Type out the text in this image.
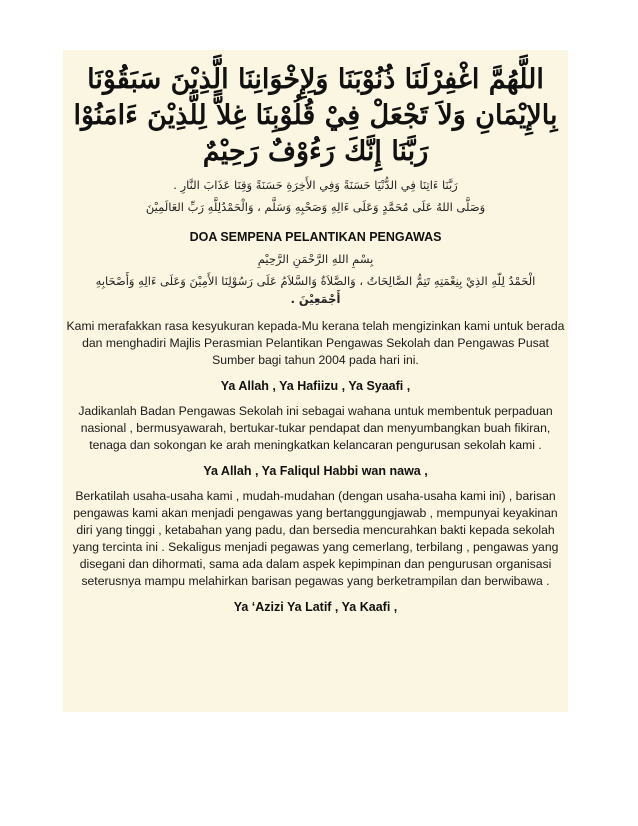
اللَّهُمَّ اغْفِرْلَنَا ذُنُوْبَنَا وَلِإِخْوَانِنَا الَّذِيْنَ سَبَقُوْنَا
بِالإِيْمَانِ وَلاَ تَجْعَلْ فِيْ قُلُوْبِنَا غِلاًّ لِلَّذِيْنَ ءَامَنُوْا
رَبَّنَا إِنَّكَ رَءُوْفٌ رَحِيْمٌ
رَبَّنَا ءَاتِنَا فِي الدُّنْيَا حَسَنَةً وَفِي الأَخِرَةِ حَسَنَةً وَقِنَا عَذَابَ النَّارِ .
وَصَلَّى اللهُ عَلَى مُحَمَّدٍ وَعَلَى ءَالِهِ وَصَحْبِهِ وَسَلَّم ، وَالْحَمْدُلِلَّهِ رَبِّ العَالَمِيْنَ
DOA SEMPENA PELANTIKAN PENGAWAS
بِسْمِ اللهِ الرَّحْمَنِ الرَّحِيْمِ
الْحَمْدُ لِلّهِ الذِيْ بِنِعْمَتِهِ تَتِمُّ الصَّالِحَاتُ ، وَالصَّلاَةُ وَالسَّلاَمُ عَلَى رَسُوْلِنَا الأَمِيْنَ وَعَلَى ءَالِهِ وَأَصْحَابِهِ
أَجْمَعِيْنَ .

Kami merafakkan rasa kesyukuran kepada-Mu kerana telah mengizinkan kami untuk berada dan menghadiri Majlis Perasmian Pelantikan Pengawas Sekolah dan Pengawas Pusat Sumber bagi tahun 2004 pada hari ini.

Ya Allah , Ya Hafiizu , Ya Syaafi ,

Jadikanlah Badan Pengawas Sekolah ini sebagai wahana untuk membentuk perpaduan nasional , bermusyawarah, bertukar-tukar pendapat dan menyumbangkan buah fikiran, tenaga dan sokongan ke arah meningkatkan kelancaran pengurusan sekolah kami .

Ya Allah , Ya Faliqul Habbi wan nawa ,

Berkatilah usaha-usaha kami , mudah-mudahan (dengan usaha-usaha kami ini) , barisan pengawas kami akan menjadi pengawas yang bertanggungjawab , mempunyai keyakinan diri yang tinggi , ketabahan yang padu, dan bersedia mencurahkan bakti kepada sekolah yang tercinta ini . Sekaligus menjadi pegawas yang cemerlang, terbilang , pengawas yang disegani dan dihormati, sama ada dalam aspek kepimpinan dan pengurusan organisasi seterusnya mampu melahirkan barisan pegawas yang berketrampilan dan berwibawa .

Ya ‘Azizi Ya Latif , Ya Kaafi ,
